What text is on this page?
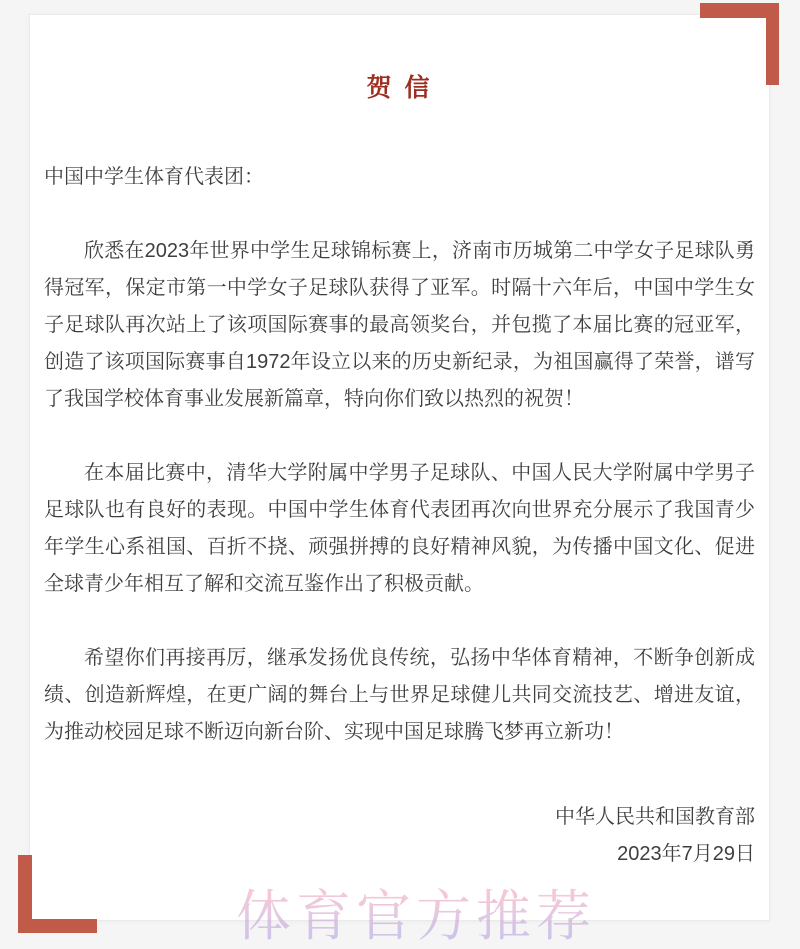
贺 信

中国中学生体育代表团：

欣悉在2023年世界中学生足球锦标赛上，济南市历城第二中学女子足球队勇得冠军，保定市第一中学女子足球队获得了亚军。时隔十六年后，中国中学生女子足球队再次站上了该项国际赛事的最高领奖台，并包揽了本届比赛的冠亚军，创造了该项国际赛事自1972年设立以来的历史新纪录，为祖国赢得了荣誉，谱写了我国学校体育事业发展新篇章，特向你们致以热烈的祝贺！

在本届比赛中，清华大学附属中学男子足球队、中国人民大学附属中学男子足球队也有良好的表现。中国中学生体育代表团再次向世界充分展示了我国青少年学生心系祖国、百折不挠、顽强拼搏的良好精神风貌，为传播中国文化、促进全球青少年相互了解和交流互鉴作出了积极贡献。

希望你们再接再厉，继承发扬优良传统，弘扬中华体育精神，不断争创新成绩、创造新辉煌，在更广阔的舞台上与世界足球健儿共同交流技艺、增进友谊，为推动校园足球不断迈向新台阶、实现中国足球腾飞梦再立新功！

中华人民共和国教育部

2023年7月29日

体育官方推荐
